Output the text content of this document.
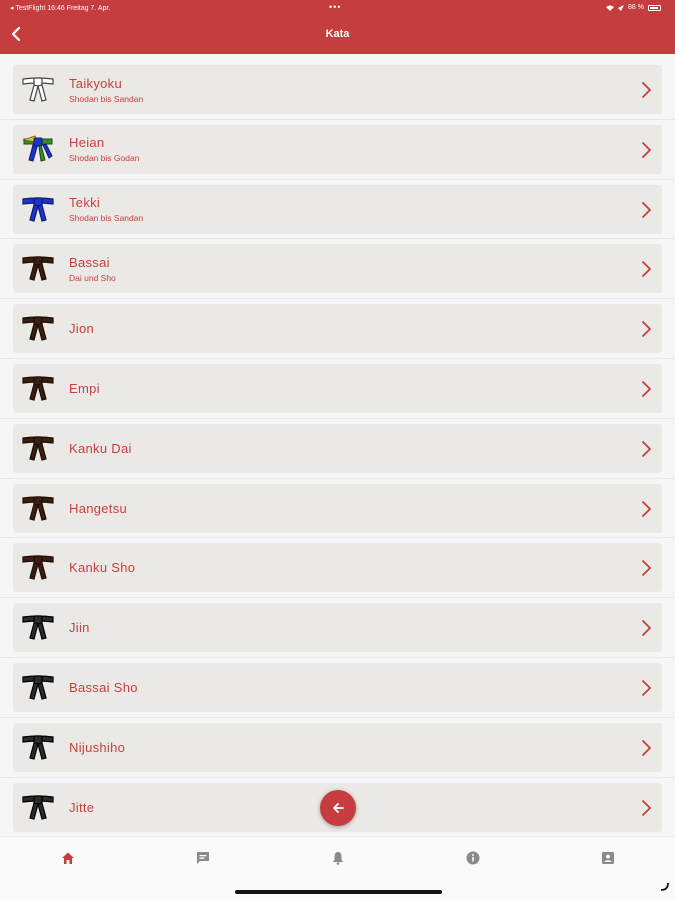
◂ TestFlight 16:46 Freitag 7. Apr.	•••	88 %
Kata
Taikyoku
Shodan bis Sandan
Heian
Shodan bis Godan
Tekki
Shodan bis Sandan
Bassai
Dai und Sho
Jion
Empi
Kanku Dai
Hangetsu
Kanku Sho
Jiin
Bassai Sho
Nijushiho
Jitte
